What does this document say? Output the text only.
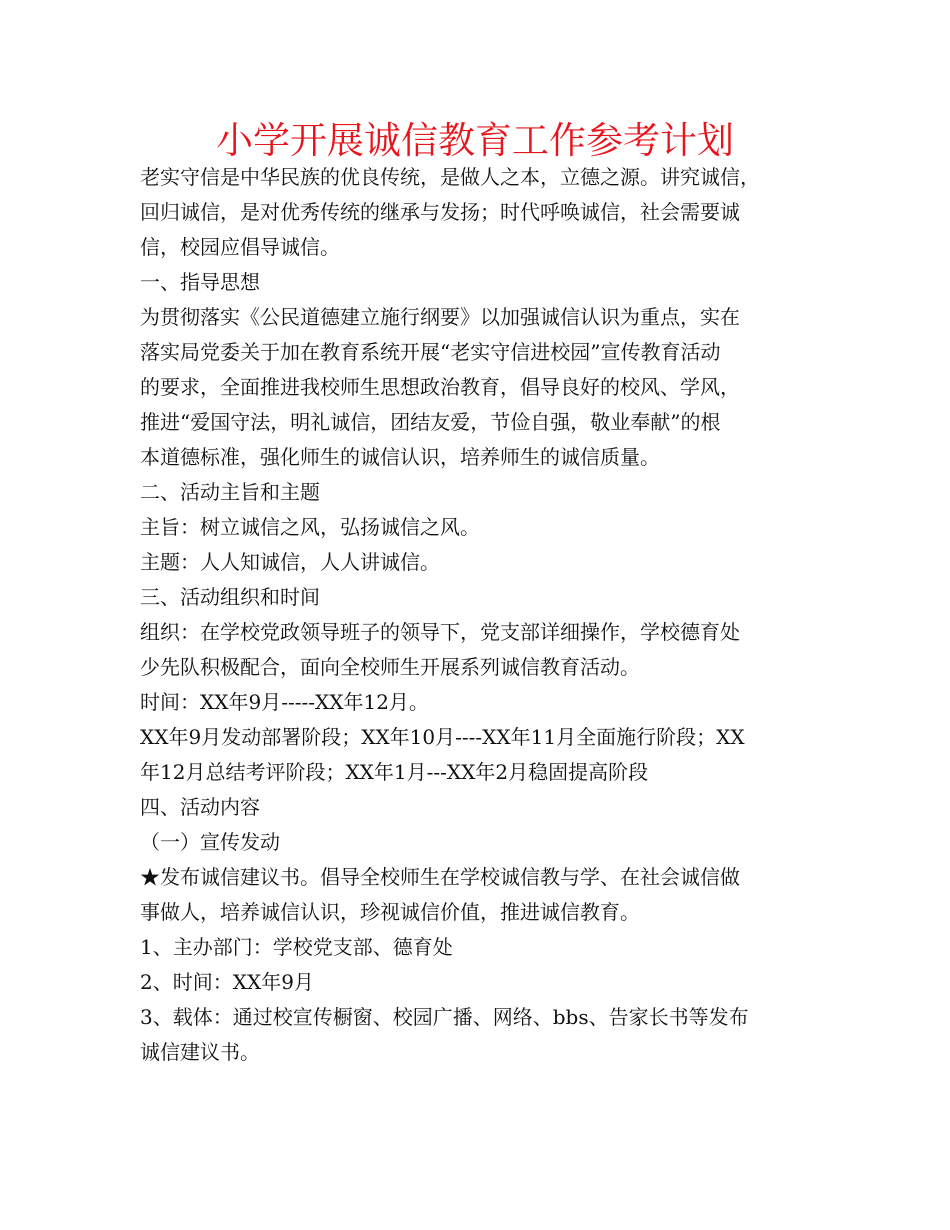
小学开展诚信教育工作参考计划

老实守信是中华民族的优良传统，是做人之本，立德之源。讲究诚信，

回归诚信，是对优秀传统的继承与发扬；时代呼唤诚信，社会需要诚

信，校园应倡导诚信。

一、指导思想

为贯彻落实《公民道德建立施行纲要》以加强诚信认识为重点，实在

落实局党委关于加在教育系统开展“老实守信进校园”宣传教育活动

的要求，全面推进我校师生思想政治教育，倡导良好的校风、学风，

推进“爱国守法，明礼诚信，团结友爱，节俭自强，敬业奉献”的根

本道德标准，强化师生的诚信认识，培养师生的诚信质量。

二、活动主旨和主题

主旨：树立诚信之风，弘扬诚信之风。

主题：人人知诚信，人人讲诚信。

三、活动组织和时间

组织：在学校党政领导班子的领导下，党支部详细操作，学校德育处

少先队积极配合，面向全校师生开展系列诚信教育活动。

时间：XX年9月-----XX年12月。

XX年9月发动部署阶段；XX年10月----XX年11月全面施行阶段；XX

年12月总结考评阶段；XX年1月---XX年2月稳固提高阶段

四、活动内容

（一）宣传发动

★发布诚信建议书。倡导全校师生在学校诚信教与学、在社会诚信做

事做人，培养诚信认识，珍视诚信价值，推进诚信教育。

1、主办部门：学校党支部、德育处

2、时间：XX年9月

3、载体：通过校宣传橱窗、校园广播、网络、bbs、告家长书等发布

诚信建议书。
